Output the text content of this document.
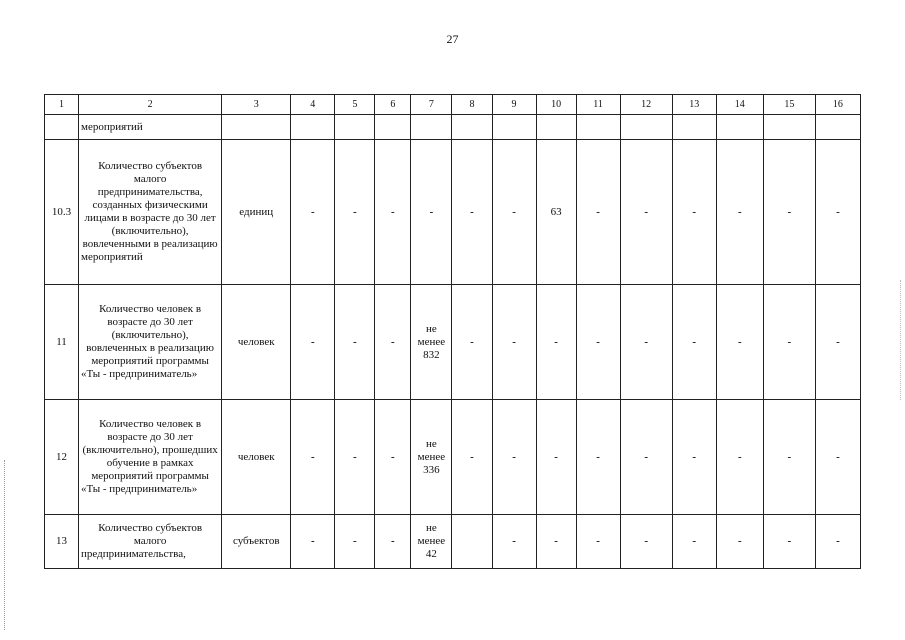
27
1	2	3	4	5	6	7	8	9	10	11	12	13	14	15	16
	мероприятий														
10.3	Количество субъектов малого предпринимательства, созданных физическими лицами в возрасте до 30 лет (включительно), вовлеченными в реализацию мероприятий	единиц	-	-	-	-	-	-	63	-	-	-	-	-	-
11	Количество человек в возрасте до 30 лет (включительно), вовлеченных в реализацию мероприятий программы «Ты - предприниматель»	человек	-	-	-	не менее 832	-	-	-	-	-	-	-	-	-
12	Количество человек в возрасте до 30 лет (включительно), прошедших обучение в рамках мероприятий программы «Ты - предприниматель»	человек	-	-	-	не менее 336	-	-	-	-	-	-	-	-	-
13	Количество субъектов малого предпринимательства,	субъектов	-	-	-	не менее 42		-	-	-	-	-	-	-	-
